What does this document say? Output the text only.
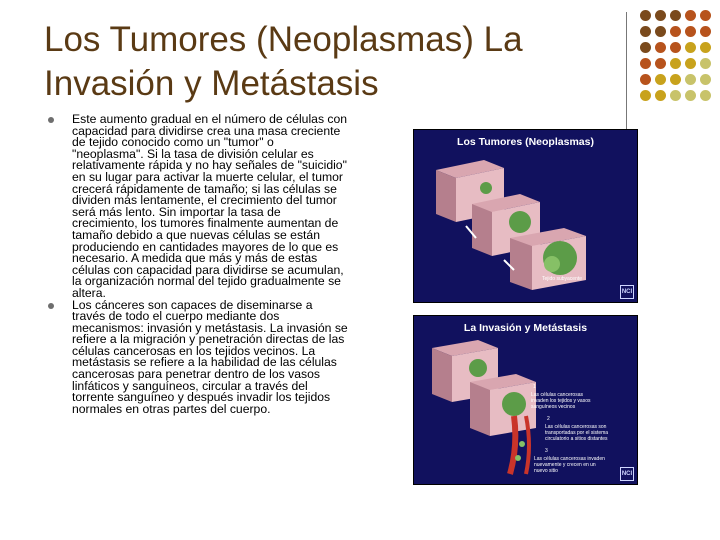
Los Tumores (Neoplasmas) La Invasión y Metástasis
Este aumento gradual en el número de células con capacidad para dividirse crea una masa creciente de tejido conocido como un "tumor" o "neoplasma". Si la tasa de división celular es relativamente rápida y no hay señales de "suicidio" en su lugar para activar la muerte celular, el tumor crecerá rápidamente de tamaño; si las células se dividen más lentamente, el crecimiento del tumor será más lento. Sin importar la tasa de crecimiento, los tumores finalmente aumentan de tamaño debido a que nuevas células se están produciendo en cantidades mayores de lo que es necesario. A medida que más y más de estas células con capacidad para dividirse se acumulan, la organización normal del tejido gradualmente se altera.
Los cánceres son capaces de diseminarse a través de todo el cuerpo mediante dos mecanismos: invasión y metástasis. La invasión se refiere a la migración y penetración directas de las células cancerosas en los tejidos vecinos. La metástasis se refiere a la habilidad de las células cancerosas para penetrar dentro de los vasos linfáticos y sanguíneos, circular a través del torrente sanguíneo y después invadir los tejidos normales en otras partes del cuerpo.
Los Tumores (Neoplasmas)
Tejido subyacente
NCI
La Invasión y Metástasis
1
Las células cancerosas invaden los tejidos y vasos sanguíneos vecinos
2
Las células cancerosas son transportadas por el sistema circulatorio a sitios distantes
3
Las células cancerosas invaden nuevamente y crecen en un nuevo sitio	NCI
